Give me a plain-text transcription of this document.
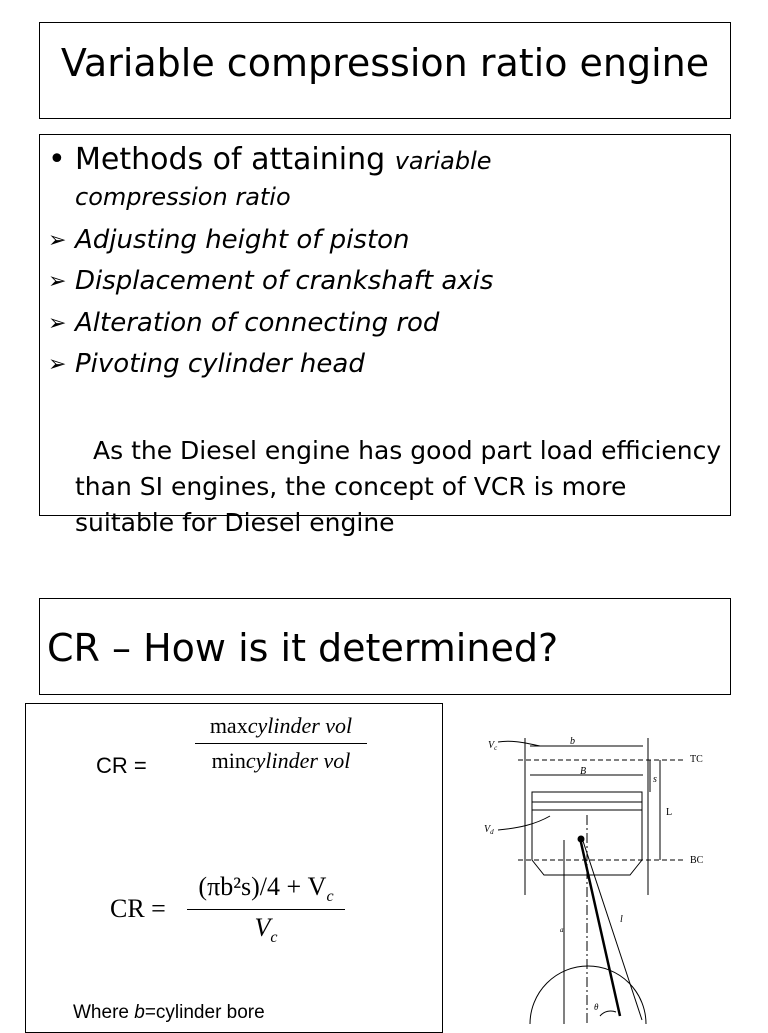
Variable compression ratio engine
• Methods of attaining variable
compression ratio
➢ Adjusting height of piston
➢ Displacement of crankshaft axis
➢ Alteration of connecting rod
➢ Pivoting cylinder head
As the Diesel engine has good part load efficiency than SI engines, the concept of VCR is more suitable for Diesel engine
CR – How is it determined?
CR =
maxcylinder vol
mincylinder vol
CR = $\frac{(\pi b^2s)/4 + V_c}{V_c}$
Where b=cylinder bore
$V_c$
b
B
s
L
TC
BC
$V_d$
l
a
θ
